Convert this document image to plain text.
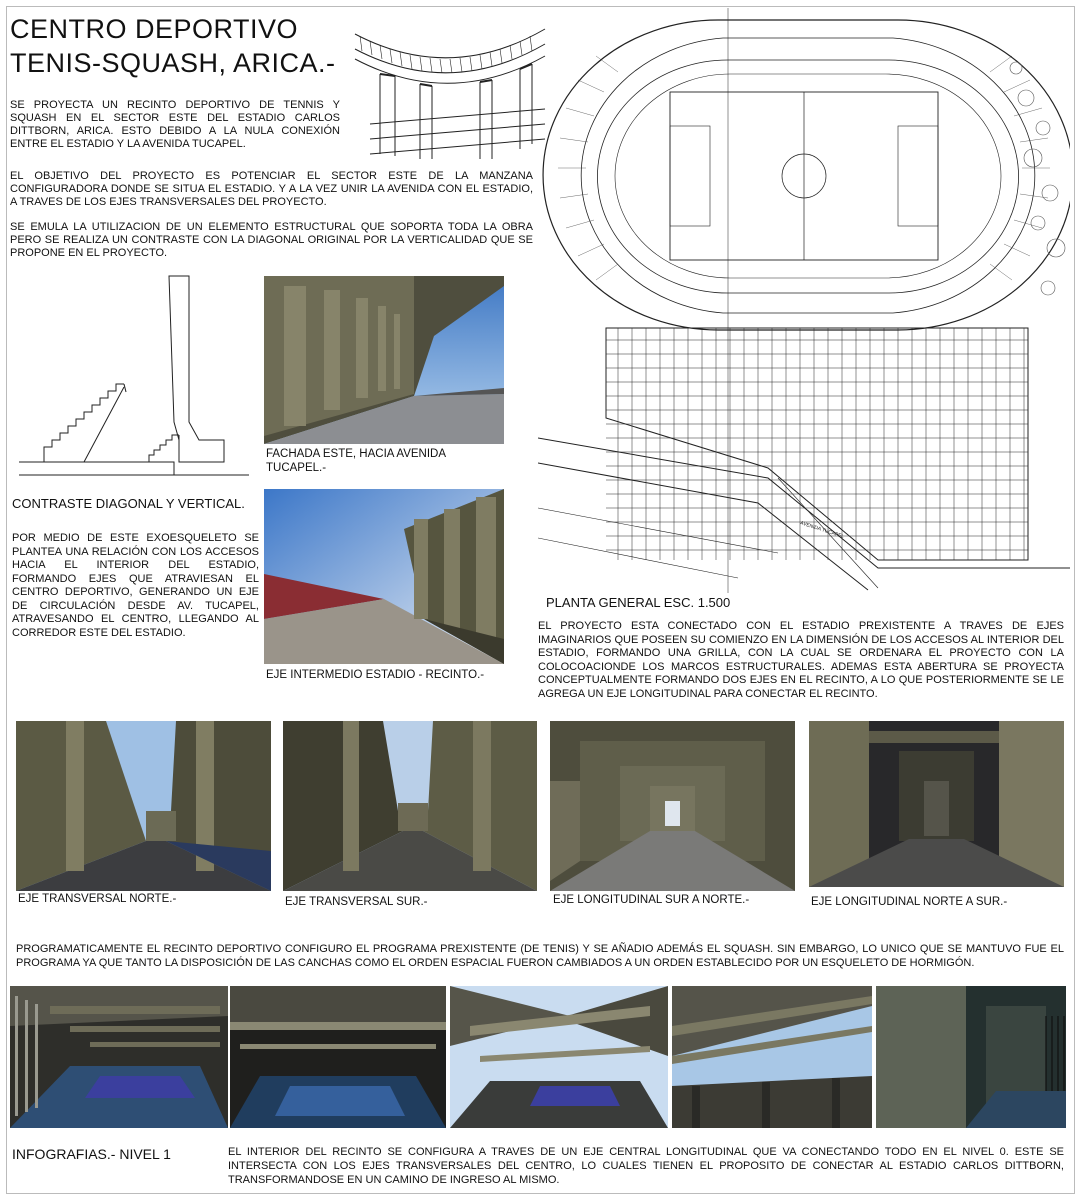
CENTRO DEPORTIVO
TENIS-SQUASH, ARICA.-
SE PROYECTA UN RECINTO DEPORTIVO DE TENNIS Y SQUASH EN EL SECTOR ESTE DEL ESTADIO CARLOS DITTBORN, ARICA. ESTO DEBIDO A LA NULA CONEXIÓN ENTRE EL ESTADIO Y LA AVENIDA TUCAPEL.
EL OBJETIVO DEL PROYECTO ES POTENCIAR EL SECTOR ESTE DE LA MANZANA CONFIGURADORA DONDE SE SITUA EL ESTADIO. Y A LA VEZ UNIR LA AVENIDA CON EL ESTADIO, A TRAVES DE LOS EJES TRANSVERSALES DEL PROYECTO.
SE EMULA LA UTILIZACION DE UN ELEMENTO ESTRUCTURAL QUE SOPORTA TODA LA OBRA PERO SE REALIZA UN CONTRASTE CON LA DIAGONAL ORIGINAL POR LA VERTICALIDAD QUE SE PROPONE EN EL PROYECTO.
FACHADA ESTE, HACIA AVENIDA TUCAPEL.-
EJE INTERMEDIO ESTADIO - RECINTO.-
CONTRASTE DIAGONAL Y VERTICAL.
POR MEDIO DE ESTE EXOESQUELETO SE PLANTEA UNA RELACIÓN CON LOS ACCESOS HACIA EL INTERIOR DEL ESTADIO, FORMANDO EJES QUE ATRAVIESAN EL CENTRO DEPORTIVO, GENERANDO UN EJE DE CIRCULACIÓN DESDE AV. TUCAPEL, ATRAVESANDO EL CENTRO, LLEGANDO AL CORREDOR ESTE DEL ESTADIO.
AVENIDA TUCAPEL
PLANTA GENERAL ESC. 1.500
EL PROYECTO ESTA CONECTADO CON EL ESTADIO PREXISTENTE A TRAVES DE EJES IMAGINARIOS QUE POSEEN SU COMIENZO EN LA DIMENSIÓN DE LOS ACCESOS AL INTERIOR DEL ESTADIO, FORMANDO UNA GRILLA, CON LA CUAL SE ORDENARA EL PROYECTO CON LA COLOCOACIONDE LOS MARCOS ESTRUCTURALES. ADEMAS ESTA ABERTURA SE PROYECTA CONCEPTUALMENTE FORMANDO DOS EJES EN EL RECINTO, A LO QUE POSTERIORMENTE SE LE AGREGA UN EJE LONGITUDINAL PARA CONECTAR EL RECINTO.
EJE TRANSVERSAL NORTE.-	EJE TRANSVERSAL SUR.-	EJE LONGITUDINAL SUR A NORTE.-	EJE LONGITUDINAL NORTE A SUR.-
PROGRAMATICAMENTE EL RECINTO DEPORTIVO CONFIGURO EL PROGRAMA PREXISTENTE (DE TENIS) Y SE AÑADIO ADEMÁS EL SQUASH. SIN EMBARGO, LO UNICO QUE SE MANTUVO FUE EL PROGRAMA YA QUE TANTO LA DISPOSICIÓN DE LAS CANCHAS COMO EL ORDEN ESPACIAL FUERON CAMBIADOS A UN ORDEN ESTABLECIDO POR UN ESQUELETO DE HORMIGÓN.
INFOGRAFIAS.- NIVEL 1	EL INTERIOR DEL RECINTO SE CONFIGURA A TRAVES DE UN EJE CENTRAL LONGITUDINAL QUE VA CONECTANDO TODO EN EL NIVEL 0. ESTE SE INTERSECTA CON LOS EJES TRANSVERSALES DEL CENTRO, LO CUALES TIENEN EL PROPOSITO DE CONECTAR AL ESTADIO CARLOS DITTBORN, TRANSFORMANDOSE EN UN CAMINO DE INGRESO AL MISMO.
